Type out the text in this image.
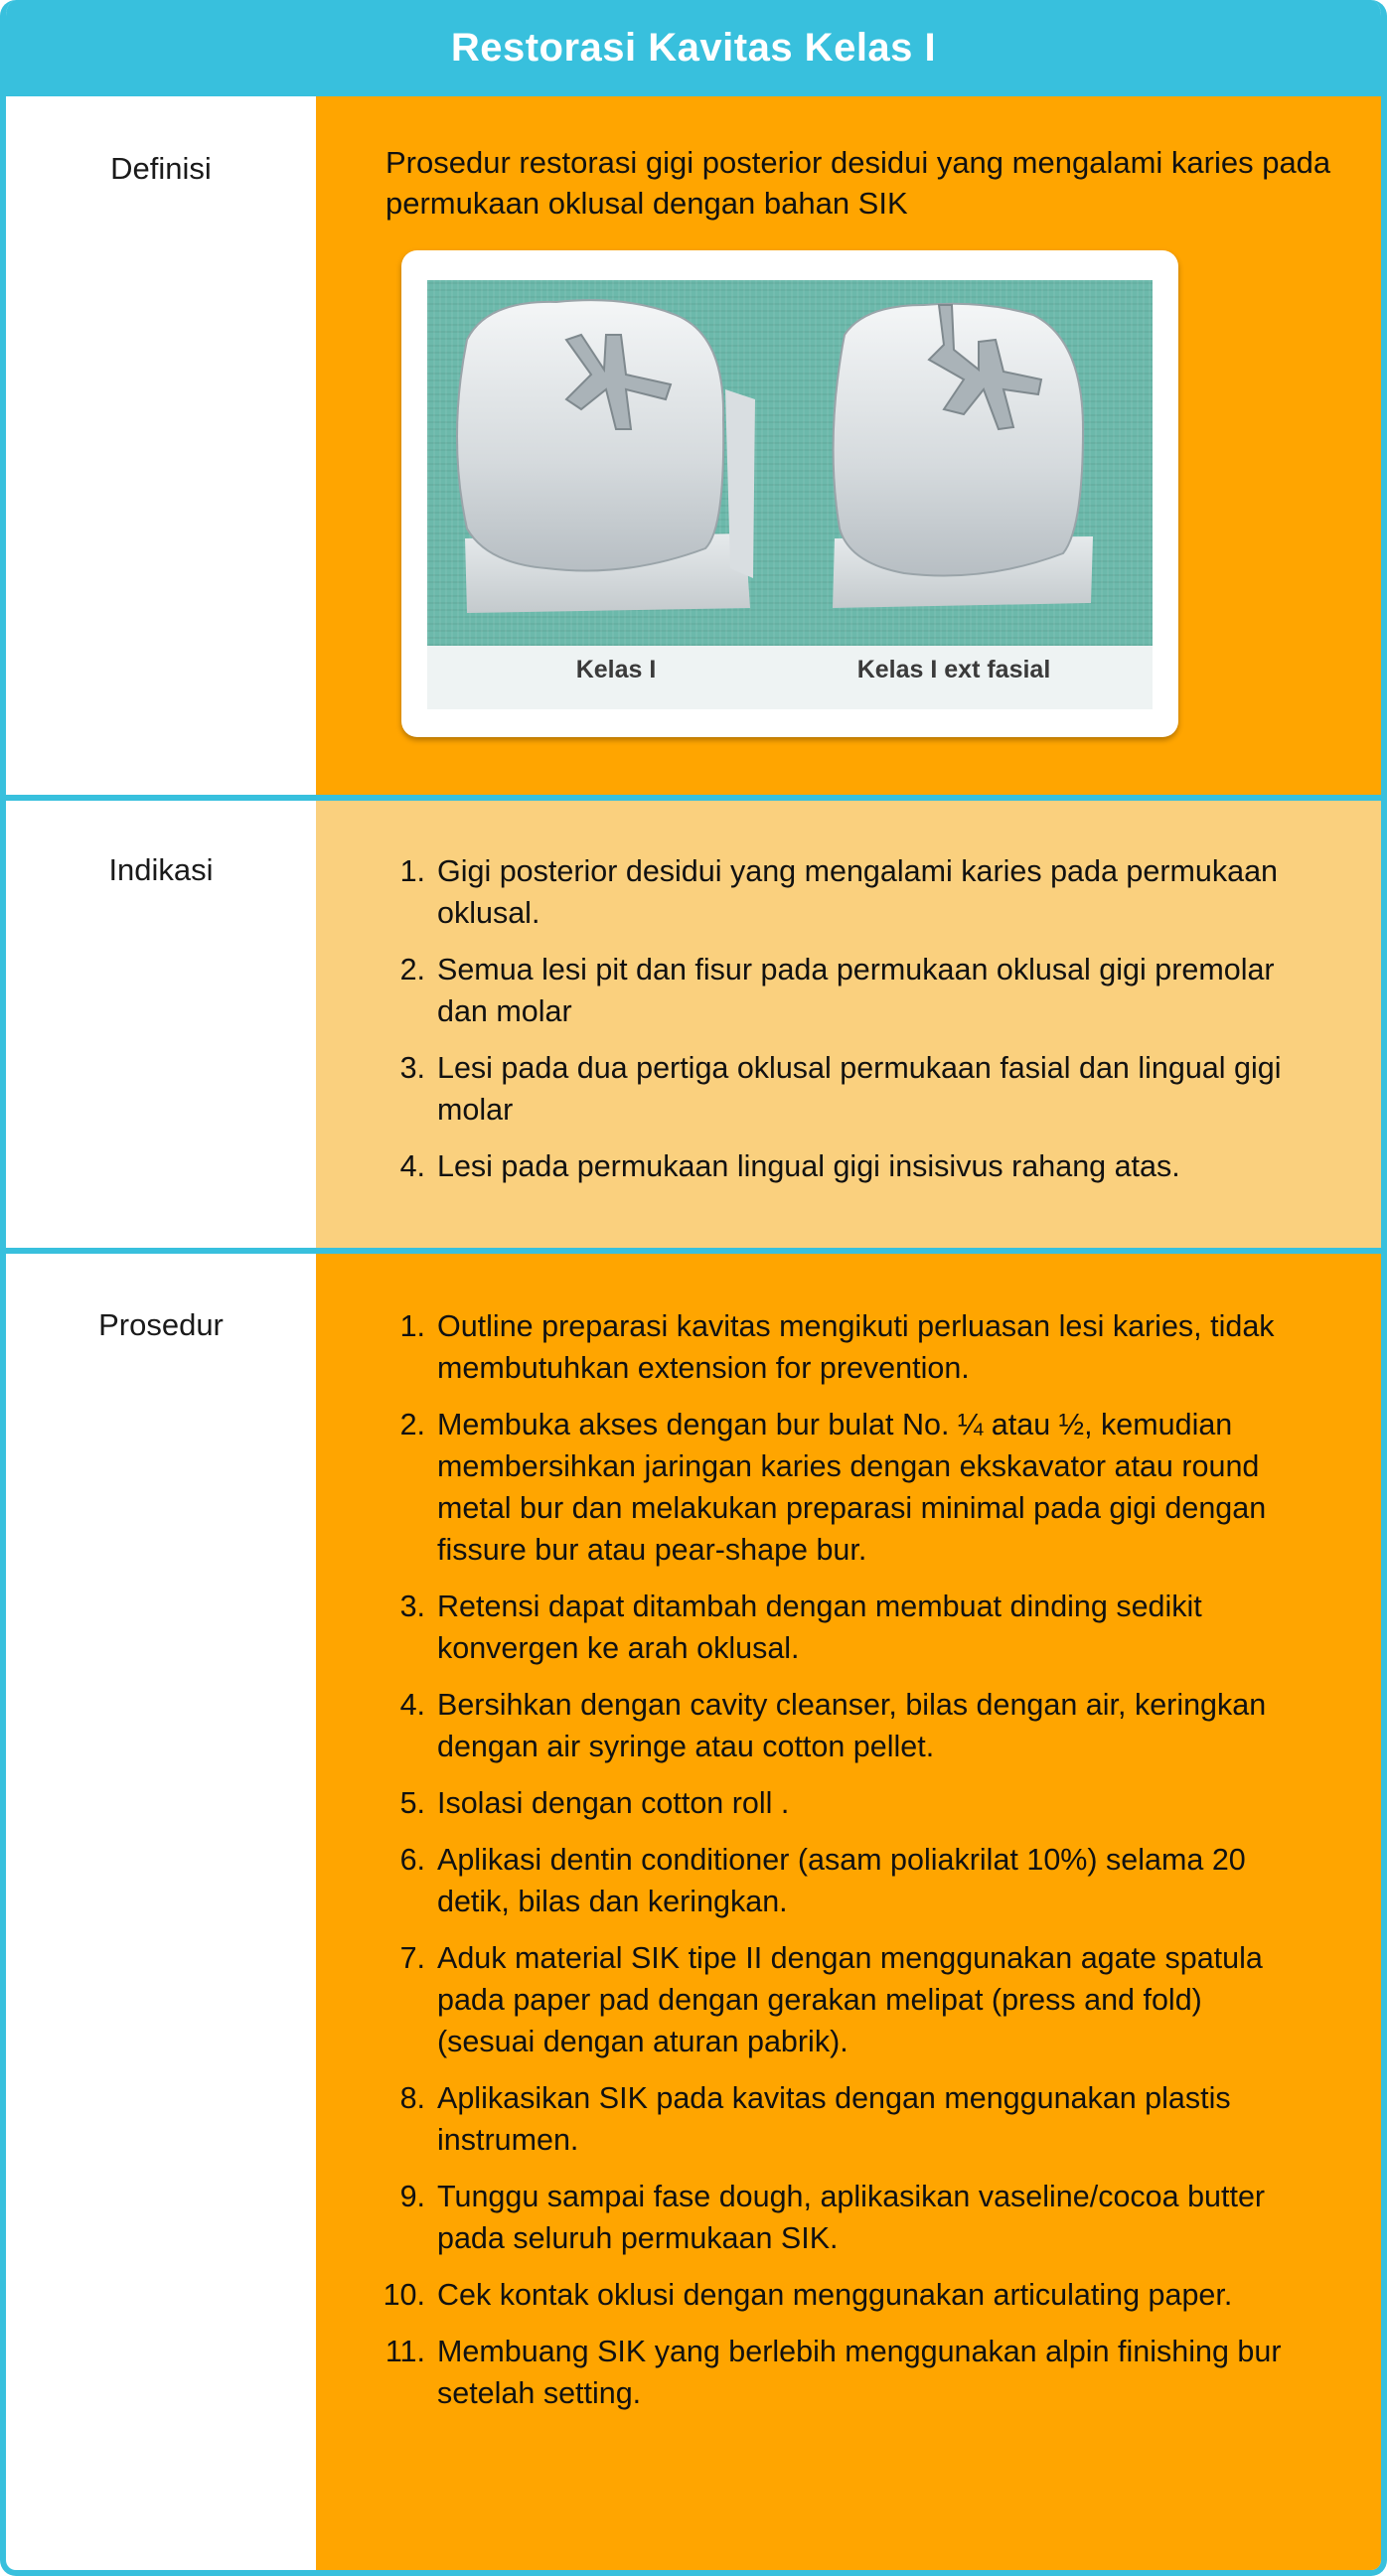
Restorasi Kavitas Kelas I
Definisi	Prosedur restorasi gigi posterior desidui yang mengalami karies pada permukaan oklusal dengan bahan SIK
Kelas I	Kelas I ext fasial
Indikasi	1. Gigi posterior desidui yang mengalami karies pada permukaan oklusal.
2. Semua lesi pit dan fisur pada permukaan oklusal gigi premolar dan molar
3. Lesi pada dua pertiga oklusal permukaan fasial dan lingual gigi molar
4. Lesi pada permukaan lingual gigi insisivus rahang atas.
Prosedur	1. Outline preparasi kavitas mengikuti perluasan lesi karies, tidak membutuhkan extension for prevention.
2. Membuka akses dengan bur bulat No. ¼ atau ½, kemudian membersihkan jaringan karies dengan ekskavator atau round metal bur dan melakukan preparasi minimal pada gigi dengan fissure bur atau pear-shape bur.
3. Retensi dapat ditambah dengan membuat dinding sedikit konvergen ke arah oklusal.
4. Bersihkan dengan cavity cleanser, bilas dengan air, keringkan dengan air syringe atau cotton pellet.
5. Isolasi dengan cotton roll .
6. Aplikasi dentin conditioner (asam poliakrilat 10%) selama 20 detik, bilas dan keringkan.
7. Aduk material SIK tipe II dengan menggunakan agate spatula pada paper pad dengan gerakan melipat (press and fold) (sesuai dengan aturan pabrik).
8. Aplikasikan SIK pada kavitas dengan menggunakan plastis instrumen.
9. Tunggu sampai fase dough, aplikasikan vaseline/cocoa butter pada seluruh permukaan SIK.
10. Cek kontak oklusi dengan menggunakan articulating paper.
11. Membuang SIK yang berlebih menggunakan alpin finishing bur setelah setting.
